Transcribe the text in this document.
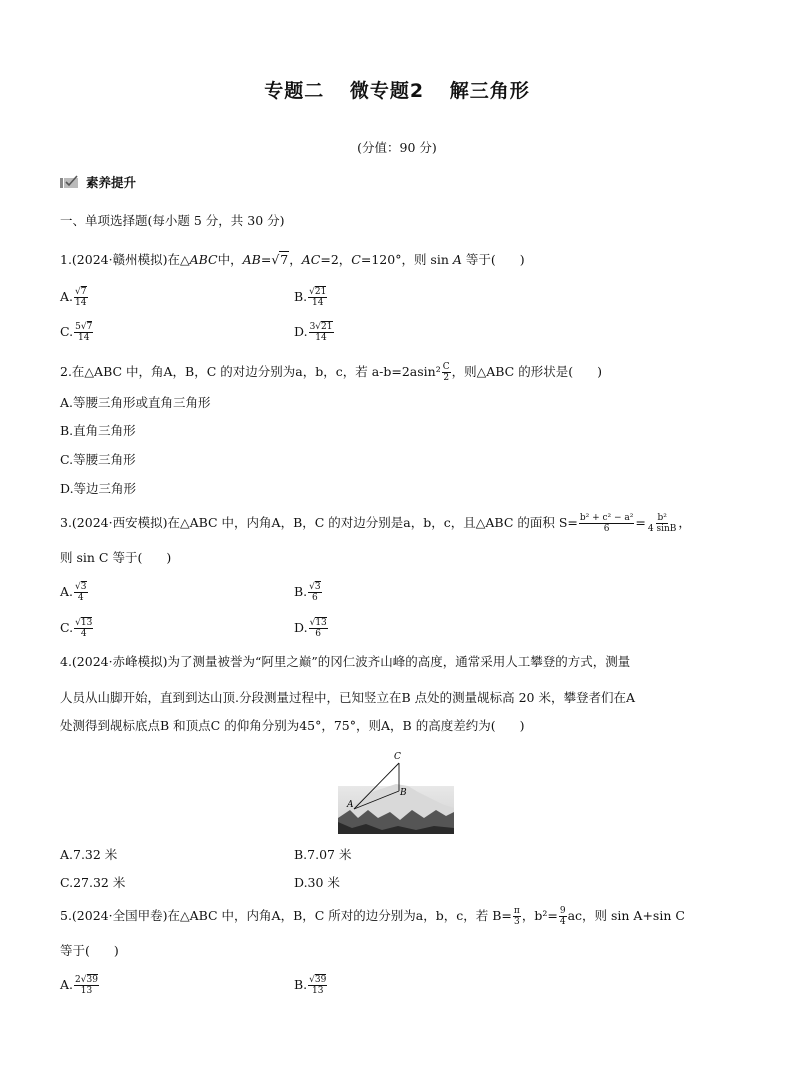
专题二 微专题2 解三角形
(分值：90 分)
素养提升
一、单项选择题(每小题 5 分，共 30 分)
1.(2024·赣州模拟)在△ABC中，AB=√7，AC=2，C=120°，则 sin A 等于( )
A. $\frac{√7}{14}$	B. $\frac{√21}{14}$
C. $\frac{5√7}{14}$	D. $\frac{3√21}{14}$
2.在△ABC 中，角A，B，C 的对边分别为a，b，c，若 $a-b=2asin^2 \frac{C}{2}$ ，则△ABC 的形状是( )
A.等腰三角形或直角三角形
B.直角三角形
C.等腰三角形
D.等边三角形
3.(2024·西安模拟)在△ABC 中，内角A，B，C 的对边分别是a，b，c，且△ABC 的面积 $S= \frac{\text{b² + c² − a²}}{6} = \frac{\text{b²}}{4 \sin B}$ ，
则 sin C 等于( )
A. $\frac{√3}{4}$	B. $\frac{√3}{6}$
C. $\frac{√13}{4}$	D. $\frac{√13}{6}$
4.(2024·赤峰模拟)为了测量被誉为“阿里之巅”的冈仁波齐山峰的高度，通常采用人工攀登的方式，测量
人员从山脚开始，直到到达山顶.分段测量过程中，已知竖立在B 点处的测量觇标高 20 米，攀登者们在A
处测得到觇标底点B 和顶点C 的仰角分别为45°，75°，则A，B 的高度差约为( )
A
B
C
A.7.32 米	B.7.07 米
C.27.32 米	D.30 米
5.(2024·全国甲卷)在△ABC 中，内角A，B，C 所对的边分别为a，b，c，若 $B= \frac{\pi}{3}$ ，$b^2= \frac{9}{4}$ ac，则 sin A+sin C
等于( )
A. $\frac{2√39}{13}$	B. $\frac{√39}{13}$
